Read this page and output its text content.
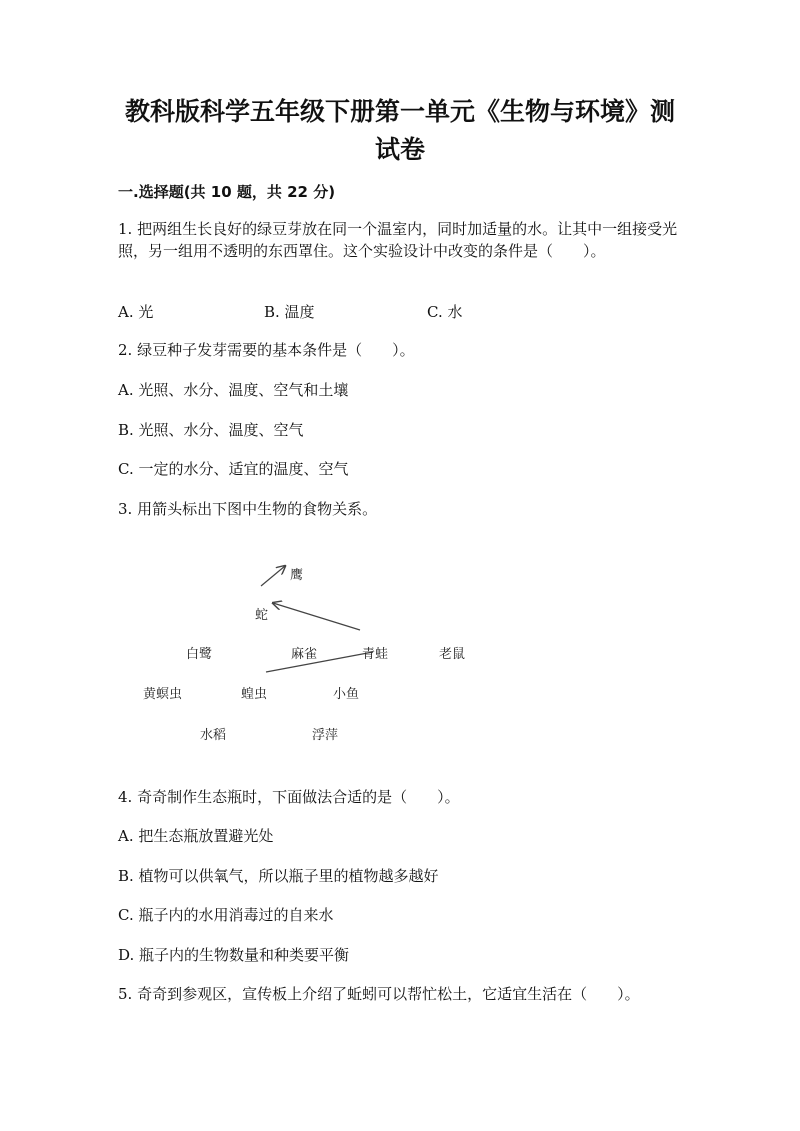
教科版科学五年级下册第一单元《生物与环境》测试卷
一.选择题(共 10 题，共 22 分)
1. 把两组生长良好的绿豆芽放在同一个温室内，同时加适量的水。让其中一组接受光照，另一组用不透明的东西罩住。这个实验设计中改变的条件是（　　）。
A. 光	B. 温度	C. 水
2. 绿豆种子发芽需要的基本条件是（　　）。
A. 光照、水分、温度、空气和土壤
B. 光照、水分、温度、空气
C. 一定的水分、适宜的温度、空气
3. 用箭头标出下图中生物的食物关系。
鹰
蛇
白鹭	麻雀	青蛙	老鼠
黄螟虫	蝗虫	小鱼
水稻	浮萍
4. 奇奇制作生态瓶时，下面做法合适的是（　　）。
A. 把生态瓶放置避光处
B. 植物可以供氧气，所以瓶子里的植物越多越好
C. 瓶子内的水用消毒过的自来水
D. 瓶子内的生物数量和种类要平衡
5. 奇奇到参观区，宣传板上介绍了蚯蚓可以帮忙松土，它适宜生活在（　　）。
